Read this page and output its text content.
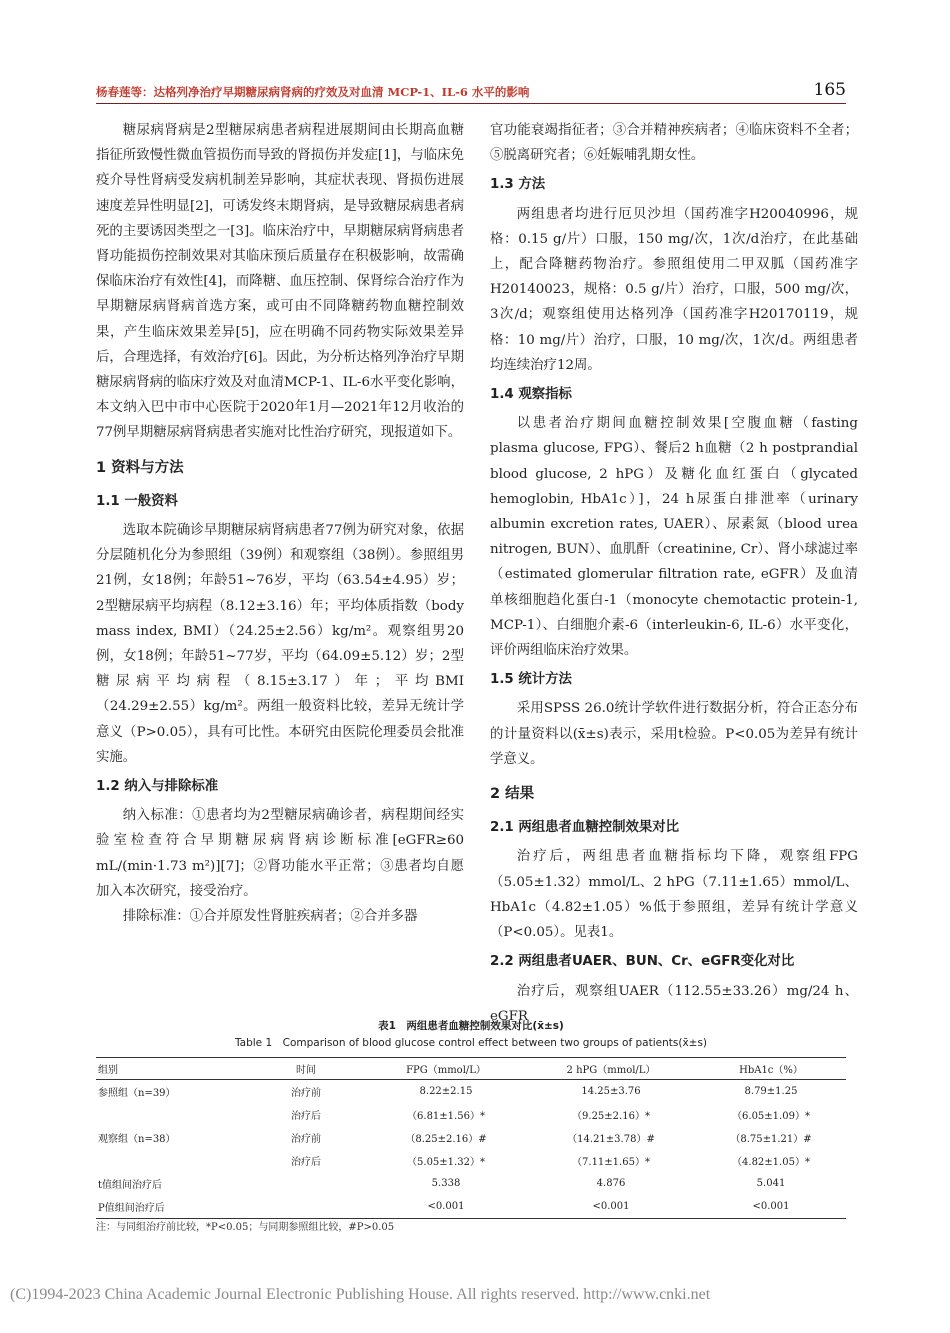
杨春莲等：达格列净治疗早期糖尿病肾病的疗效及对血清 MCP-1、IL-6 水平的影响	165

糖尿病肾病是2型糖尿病患者病程进展期间由长期高血糖指征所致慢性微血管损伤而导致的肾损伤并发症[1]，与临床免疫介导性肾病受发病机制差异影响，其症状表现、肾损伤进展速度差异性明显[2]，可诱发终末期肾病，是导致糖尿病患者病死的主要诱因类型之一[3]。临床治疗中，早期糖尿病肾病患者肾功能损伤控制效果对其临床预后质量存在积极影响，故需确保临床治疗有效性[4]，而降糖、血压控制、保肾综合治疗作为早期糖尿病肾病首选方案，或可由不同降糖药物血糖控制效果，产生临床效果差异[5]，应在明确不同药物实际效果差异后，合理选择，有效治疗[6]。因此，为分析达格列净治疗早期糖尿病肾病的临床疗效及对血清MCP-1、IL-6水平变化影响，本文纳入巴中市中心医院于2020年1月—2021年12月收治的77例早期糖尿病肾病患者实施对比性治疗研究，现报道如下。

1 资料与方法
1.1 一般资料

选取本院确诊早期糖尿病肾病患者77例为研究对象，依据分层随机化分为参照组（39例）和观察组（38例）。参照组男21例，女18例；年龄51~76岁，平均（63.54±4.95）岁；2型糖尿病平均病程（8.12±3.16）年；平均体质指数（body mass index, BMI）（24.25±2.56）kg/m²。观察组男20例，女18例；年龄51~77岁，平均（64.09±5.12）岁；2型糖尿病平均病程（8.15±3.17）年；平均BMI（24.29±2.55）kg/m²。两组一般资料比较，差异无统计学意义（P>0.05），具有可比性。本研究由医院伦理委员会批准实施。

1.2 纳入与排除标准

纳入标准：①患者均为2型糖尿病确诊者，病程期间经实验室检查符合早期糖尿病肾病诊断标准[eGFR≥60 mL/(min·1.73 m²)][7]；②肾功能水平正常；③患者均自愿加入本次研究，接受治疗。

排除标准：①合并原发性肾脏疾病者；②合并多器

官功能衰竭指征者；③合并精神疾病者；④临床资料不全者；⑤脱离研究者；⑥妊娠哺乳期女性。

1.3 方法

两组患者均进行厄贝沙坦（国药准字H20040996，规格：0.15 g/片）口服，150 mg/次，1次/d治疗，在此基础上，配合降糖药物治疗。参照组使用二甲双胍（国药准字H20140023，规格：0.5 g/片）治疗，口服，500 mg/次，3次/d；观察组使用达格列净（国药准字H20170119，规格：10 mg/片）治疗，口服，10 mg/次，1次/d。两组患者均连续治疗12周。

1.4 观察指标

以患者治疗期间血糖控制效果[空腹血糖（fasting plasma glucose, FPG）、餐后2 h血糖（2 h postprandial blood glucose, 2 hPG）及糖化血红蛋白（glycated hemoglobin, HbA1c）]，24 h尿蛋白排泄率（urinary albumin excretion rates, UAER）、尿素氮（blood urea nitrogen, BUN）、血肌酐（creatinine, Cr）、肾小球滤过率（estimated glomerular filtration rate, eGFR）及血清单核细胞趋化蛋白-1（monocyte chemotactic protein-1, MCP-1）、白细胞介素-6（interleukin-6, IL-6）水平变化，评价两组临床治疗效果。

1.5 统计方法

采用SPSS 26.0统计学软件进行数据分析，符合正态分布的计量资料以(x̄±s)表示，采用t检验。P<0.05为差异有统计学意义。

2 结果
2.1 两组患者血糖控制效果对比

治疗后，两组患者血糖指标均下降，观察组FPG（5.05±1.32）mmol/L、2 hPG（7.11±1.65）mmol/L、HbA1c（4.82±1.05）%低于参照组，差异有统计学意义（P<0.05）。见表1。

2.2 两组患者UAER、BUN、Cr、eGFR变化对比

治疗后，观察组UAER（112.55±33.26）mg/24 h、eGFR

表1　两组患者血糖控制效果对比(x̄±s)
Table 1　Comparison of blood glucose control effect between two groups of patients(x̄±s)
组别	时间	FPG（mmol/L）	2 hPG（mmol/L）	HbA1c（%）
参照组（n=39）	治疗前	8.22±2.15	14.25±3.76	8.79±1.25
	治疗后	（6.81±1.56）*	（9.25±2.16）*	（6.05±1.09）*
观察组（n=38）	治疗前	（8.25±2.16）#	（14.21±3.78）#	（8.75±1.21）#
	治疗后	（5.05±1.32）*	（7.11±1.65）*	（4.82±1.05）*
t值组间治疗后		5.338	4.876	5.041
P值组间治疗后		<0.001	<0.001	<0.001
注：与同组治疗前比较，*P<0.05；与同期参照组比较，#P>0.05
(C)1994-2023 China Academic Journal Electronic Publishing House. All rights reserved. http://www.cnki.net
